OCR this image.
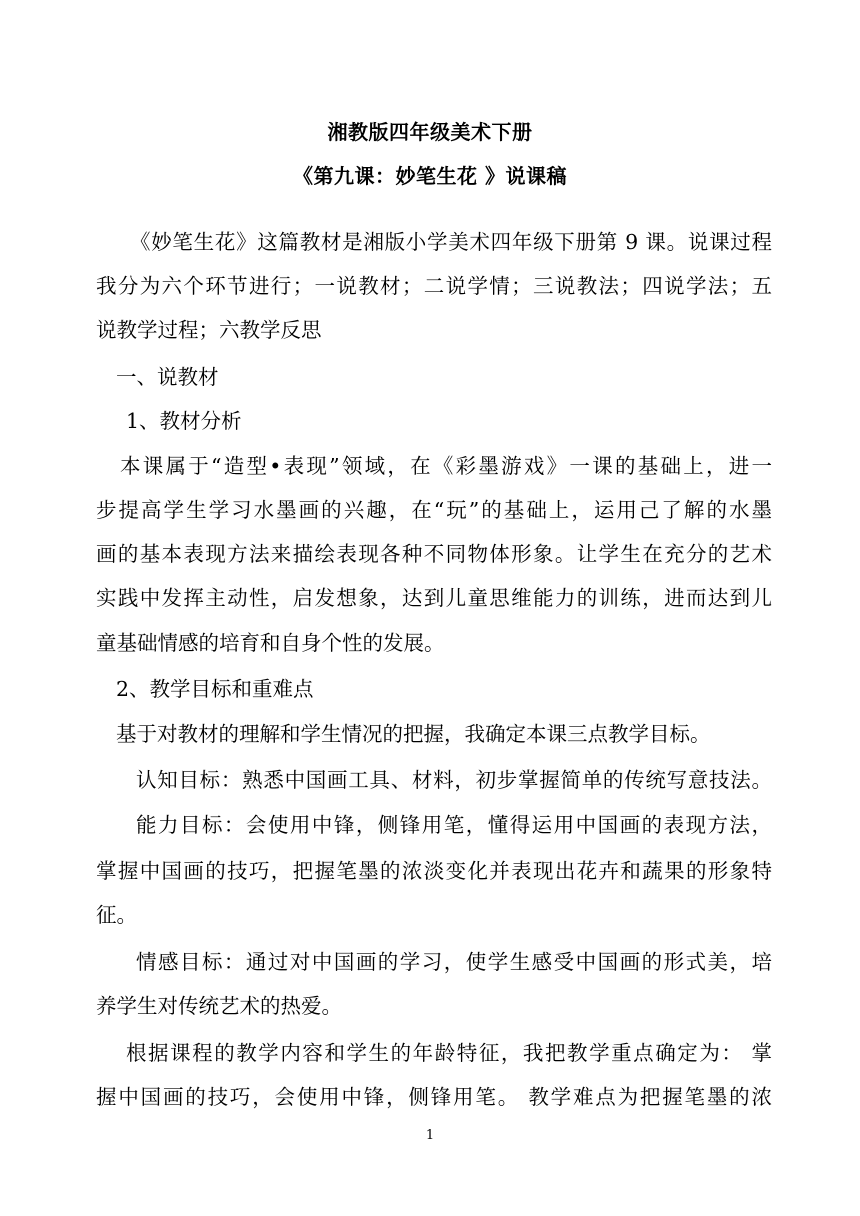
湘教版四年级美术下册
《第九课：妙笔生花 》说课稿
《妙笔生花》这篇教材是湘版小学美术四年级下册第 9 课。说课过程
我分为六个环节进行；一说教材；二说学情；三说教法；四说学法；五
说教学过程；六教学反思
一、说教材
1、教材分析
本课属于“造型•表现”领域，在《彩墨游戏》一课的基础上，进一
步提高学生学习水墨画的兴趣，在“玩”的基础上，运用己了解的水墨
画的基本表现方法来描绘表现各种不同物体形象。让学生在充分的艺术
实践中发挥主动性，启发想象，达到儿童思维能力的训练，进而达到儿
童基础情感的培育和自身个性的发展。
2、教学目标和重难点
基于对教材的理解和学生情况的把握，我确定本课三点教学目标。
认知目标：熟悉中国画工具、材料，初步掌握简单的传统写意技法。
能力目标：会使用中锋，侧锋用笔，懂得运用中国画的表现方法，
掌握中国画的技巧，把握笔墨的浓淡变化并表现出花卉和蔬果的形象特
征。
情感目标：通过对中国画的学习，使学生感受中国画的形式美，培
养学生对传统艺术的热爱。
根据课程的教学内容和学生的年龄特征，我把教学重点确定为： 掌
握中国画的技巧，会使用中锋，侧锋用笔。 教学难点为把握笔墨的浓
1
